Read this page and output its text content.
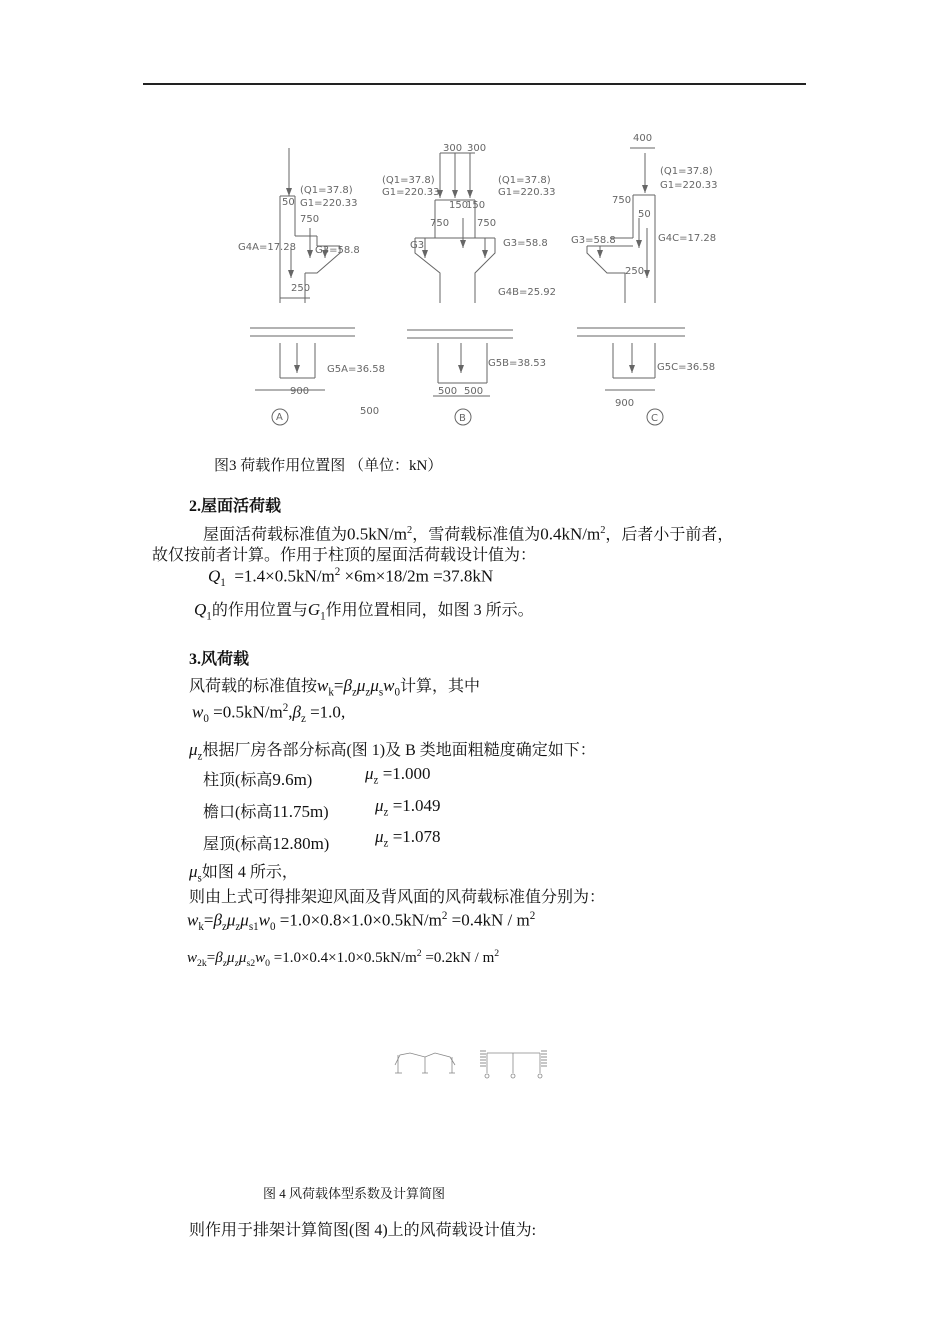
(Q1=37.8)
G1=220.33
50
750
G4A=17.28 G3=58.8
250
G5A=36.58
900
A
500
300 300
(Q1=37.8)
G1=220.33
(Q1=37.8)
G1=220.33
150
150
750	750
G3	G3=58.8
G4B=25.92
G5B=38.53
500 500
B
400
(Q1=37.8)
G1=220.33
750
50
G3=58.8	G4C=17.28
250
G5C=36.58
900
C
图3 荷载作用位置图 （单位：kN）
2.屋面活荷载
屋面活荷载标准值为$0.5kN/m^2$，雪荷载标准值为$0.4kN/m^2$，后者小于前者，
故仅按前者计算。作用于柱顶的屋面活荷载设计值为：
$Q_1 =1.4\times 0.5kN/m^2 \times 6m\times 18/2m =37.8kN$
$Q_1$的作用位置与$G_1$作用位置相同，如图 3 所示。
3.风荷载
风荷载的标准值按$w_k=\beta_z\mu_z\mu_sw_0$计算，其中
$w_0 =0.5kN/m^2,\beta_z =1.0$,
$\mu_z$根据厂房各部分标高(图 1)及 B 类地面粗糙度确定如下：
柱顶(标高9.6m)	$\mu_z =1.000$
檐口(标高11.75m)	$\mu_z =1.049$
屋顶(标高12.80m)	$\mu_z =1.078$
$\mu_s$如图 4 所示，
则由上式可得排架迎风面及背风面的风荷载标准值分别为：
$w_k=\beta_z\mu_z\mu_{s1}w_0 =1.0\times 0.8\times 1.0\times 0.5kN/m^2 =0.4kN / m^2$
$w_{2k}=\beta_z\mu_z\mu_{s2}w_0 =1.0\times 0.4\times 1.0\times 0.5kN/m^2 =0.2kN / m^2$
图 4 风荷载体型系数及计算简图
则作用于排架计算简图(图 4)上的风荷载设计值为:
